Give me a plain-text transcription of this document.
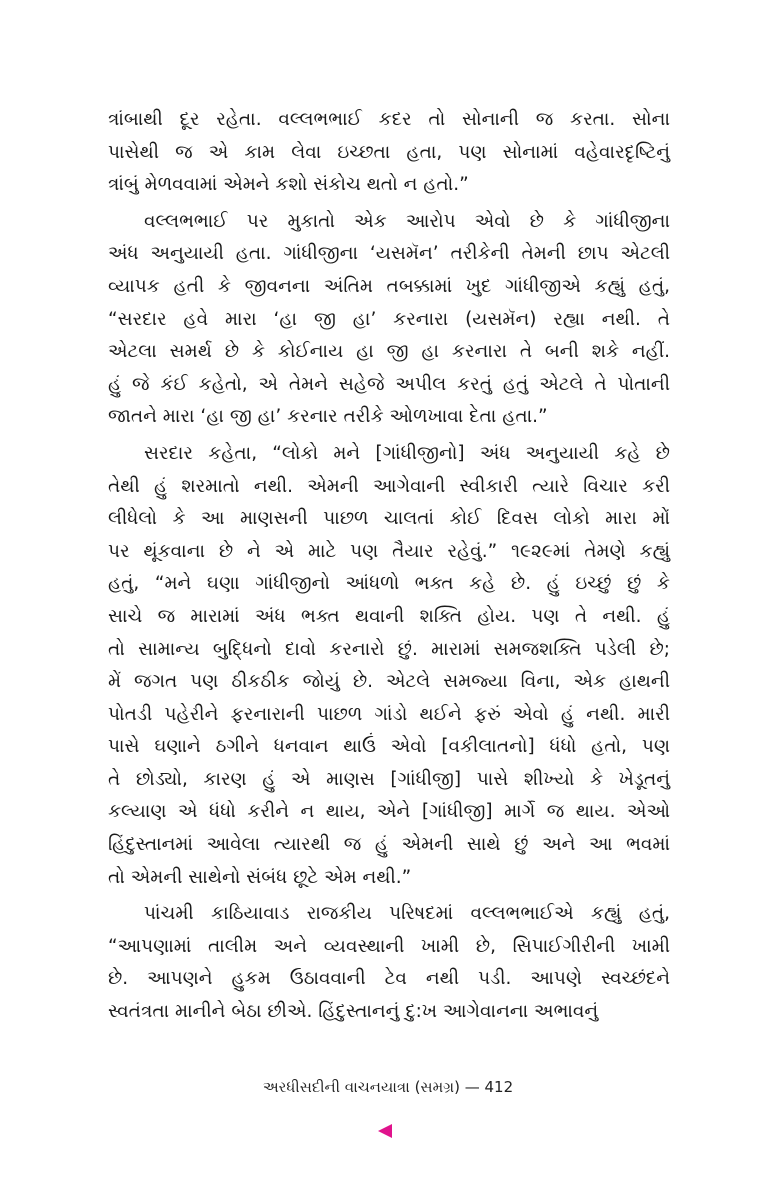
ત્રાંબાથી દૂર રહેતા. વલ્લભભાઈ કદર તો સોનાની જ કરતા. સોના
પાસેથી જ એ કામ લેવા ઇચ્છતા હતા, પણ સોનામાં વહેવારદૃષ્ટિનું
ત્રાંબું મેળવવામાં એમને કશો સંકોચ થતો ન હતો.”
વલ્લભભાઈ પર મુકાતો એક આરોપ એવો છે કે ગાંધીજીના
અંધ અનુયાયી હતા. ગાંધીજીના ‘યસમૅન’ તરીકેની તેમની છાપ એટલી
વ્યાપક હતી કે જીવનના અંતિમ તબક્કામાં ખુદ ગાંધીજીએ કહ્યું હતું,
“સરદાર હવે મારા ‘હા જી હા’ કરનારા (યસમૅન) રહ્યા નથી. તે
એટલા સમર્થ છે કે કોઈનાય હા જી હા કરનારા તે બની શકે નહીં.
હું જે કંઈ કહેતો, એ તેમને સહેજે અપીલ કરતું હતું એટલે તે પોતાની
જાતને મારા ‘હા જી હા’ કરનાર તરીકે ઓળખાવા દેતા હતા.”
સરદાર કહેતા, “લોકો મને [ગાંધીજીનો] અંધ અનુયાયી કહે છે
તેથી હું શરમાતો નથી. એમની આગેવાની સ્વીકારી ત્યારે વિચાર કરી
લીધેલો કે આ માણસની પાછળ ચાલતાં કોઈ દિવસ લોકો મારા મોં
પર થૂંકવાના છે ને એ માટે પણ તૈયાર રહેવું.” ૧૯૨૯માં તેમણે કહ્યું
હતું, “મને ઘણા ગાંધીજીનો આંધળો ભક્ત કહે છે. હું ઇચ્છું છું કે
સાચે જ મારામાં અંધ ભક્ત થવાની શક્તિ હોય. પણ તે નથી. હું
તો સામાન્ય બુદ્ધિનો દાવો કરનારો છું. મારામાં સમજશક્તિ પડેલી છે;
મેં જગત પણ ઠીકઠીક જોયું છે. એટલે સમજ્યા વિના, એક હાથની
પોતડી પહેરીને ફરનારાની પાછળ ગાંડો થઈને ફરું એવો હું નથી. મારી
પાસે ઘણાને ઠગીને ધનવાન થાઉં એવો [વકીલાતનો] ધંધો હતો, પણ
તે છોડ્યો, કારણ હું એ માણસ [ગાંધીજી] પાસે શીખ્યો કે ખેડૂતનું
કલ્યાણ એ ધંધો કરીને ન થાય, એને [ગાંધીજી] માર્ગે જ થાય. એઓ
હિંદુસ્તાનમાં આવેલા ત્યારથી જ હું એમની સાથે છું અને આ ભવમાં
તો એમની સાથેનો સંબંધ છૂટે એમ નથી.”
પાંચમી કાઠિયાવાડ રાજકીય પરિષદમાં વલ્લભભાઈએ કહ્યું હતું,
“આપણામાં તાલીમ અને વ્યવસ્થાની ખામી છે, સિપાઈગીરીની ખામી
છે. આપણને હુકમ ઉઠાવવાની ટેવ નથી પડી. આપણે સ્વચ્છંદને
સ્વતંત્રતા માનીને બેઠા છીએ. હિંદુસ્તાનનું દુ:ખ આગેવાનના અભાવનું
અરધીસદીની વાચનયાત્રા (સમગ્ર) — 412
